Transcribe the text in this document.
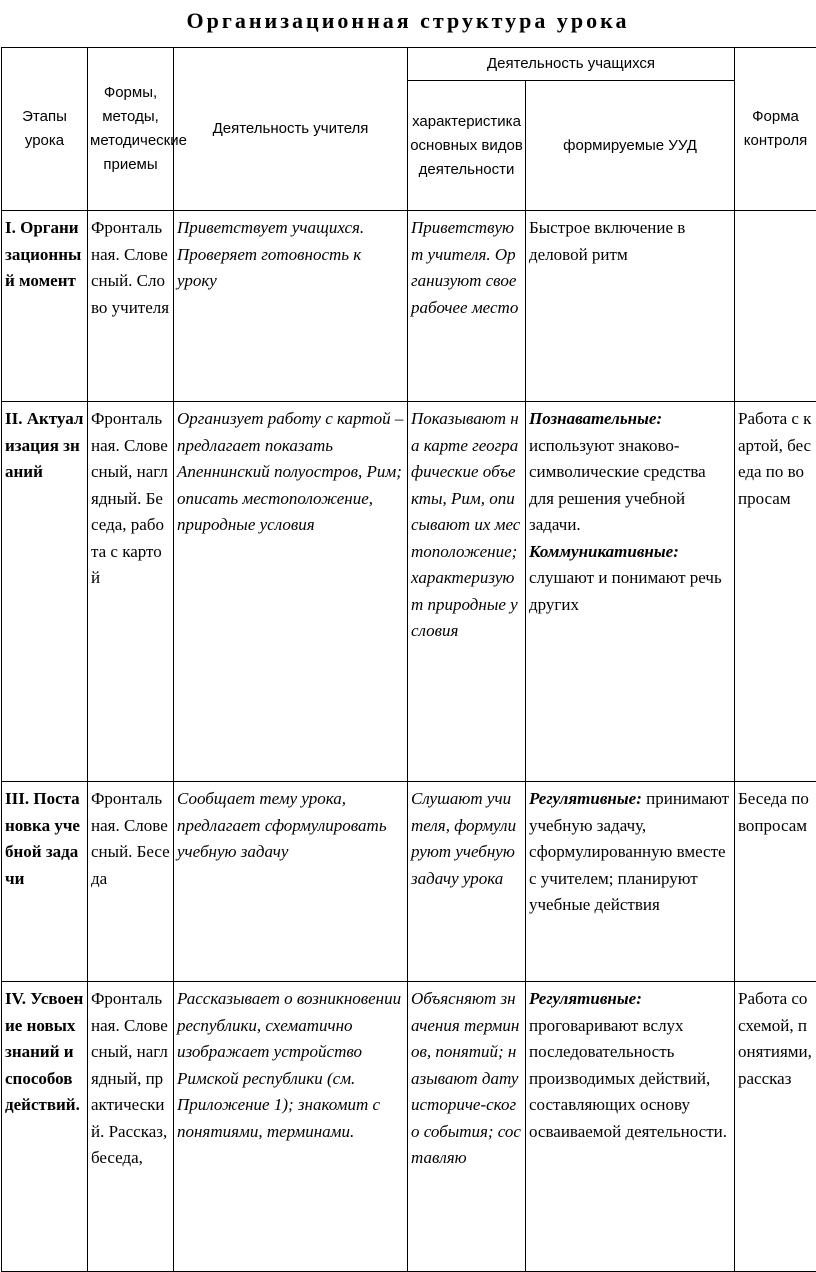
Организационная структура урока
Этапы урока	Формы, методы, методические приемы	Деятельность учителя	Деятельность учащихся		Форма контроля
			характеристика основных видов деятельности	формируемые УУД	
I. Организационный момент	Фронтальная. Словесный. Слово учителя	Приветствует учащихся. Проверяет готовность к уроку	Приветствуют учителя. Организуют свое рабочее место	Быстрое включение в деловой ритм	
II. Актуализация знаний	Фронтальная. Словесный, наглядный. Беседа, работа с картой	Организует работу с картой – предлагает показать Апеннинский полуостров, Рим; описать местоположение, природные условия	Показывают на карте географические объекты, Рим, описывают их местоположение; характеризуют природные условия	Познавательные: используют знаково-символические средства для решения учебной задачи. Коммуникативные: слушают и понимают речь других	Работа с картой, беседа по вопросам
III. Постановка учебной задачи	Фронтальная. Словесный. Беседа	Сообщает тему урока, предлагает сформулировать учебную задачу	Слушают учителя, формулируют учебную задачу урока	Регулятивные: принимают учебную задачу, сформулированную вместе с учителем; планируют учебные действия	Беседа по вопросам
IV. Усвоение новых знаний и способов действий.	Фронтальная. Словесный, наглядный, практический. Рассказ, беседа,	Рассказывает о возникновении республики, схематично изображает устройство Римской республики (см. Приложение 1); знакомит с понятиями, терминами.	Объясняют значения терминов, понятий; называют дату историче-ского события; составляю	Регулятивные: проговаривают вслух последовательность производимых действий, составляющих основу осваиваемой деятельности.	Работа со схемой, понятиями, рассказ
